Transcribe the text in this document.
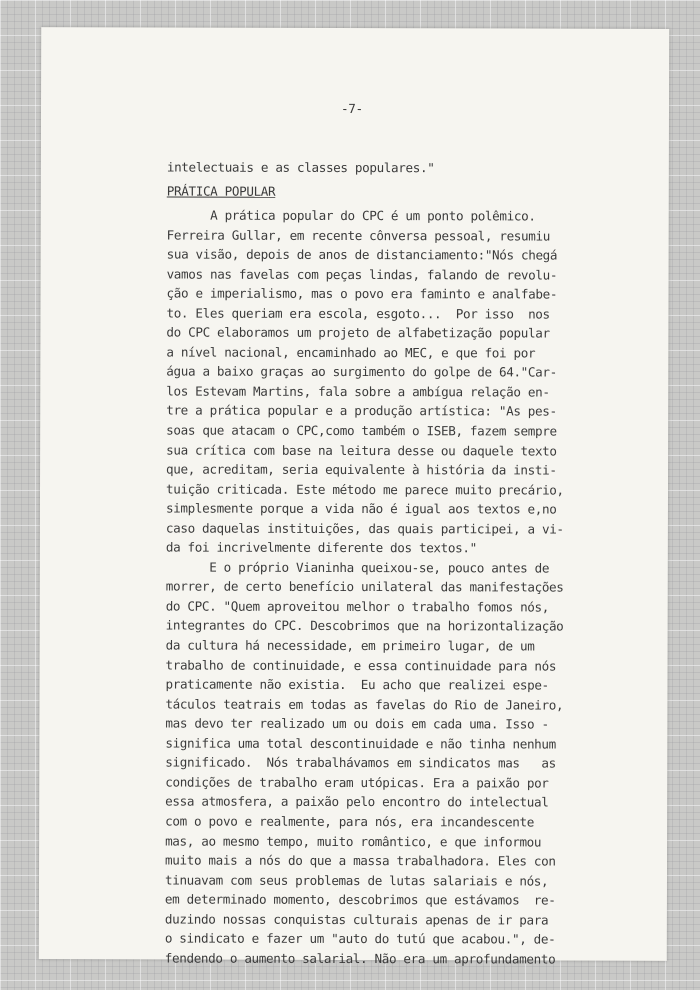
-7-
intelectuais e as classes populares."
PRÁTICA POPULAR
A prática popular do CPC é um ponto polêmico.
Ferreira Gullar, em recente cônversa pessoal, resumiu
sua visão, depois de anos de distanciamento:"Nós chegá
vamos nas favelas com peças lindas, falando de revolu-
ção e imperialismo, mas o povo era faminto e analfabe-
to. Eles queriam era escola, esgoto...  Por isso  nos
do CPC elaboramos um projeto de alfabetização popular
a nível nacional, encaminhado ao MEC, e que foi por
água a baixo graças ao surgimento do golpe de 64."Car-
los Estevam Martins, fala sobre a ambígua relação en-
tre a prática popular e a produção artística: "As pes-
soas que atacam o CPC,como também o ISEB, fazem sempre
sua crítica com base na leitura desse ou daquele texto
que, acreditam, seria equivalente à história da insti-
tuição criticada. Este método me parece muito precário,
simplesmente porque a vida não é igual aos textos e,no
caso daquelas instituições, das quais participei, a vi-
da foi incrivelmente diferente dos textos."
E o próprio Vianinha queixou-se, pouco antes de
morrer, de certo benefício unilateral das manifestações
do CPC. "Quem aproveitou melhor o trabalho fomos nós,
integrantes do CPC. Descobrimos que na horizontalização
da cultura há necessidade, em primeiro lugar, de um
trabalho de continuidade, e essa continuidade para nós
praticamente não existia.  Eu acho que realizei espe-
táculos teatrais em todas as favelas do Rio de Janeiro,
mas devo ter realizado um ou dois em cada uma. Isso -
significa uma total descontinuidade e não tinha nenhum
significado.  Nós trabalhávamos em sindicatos mas   as
condições de trabalho eram utópicas. Era a paixão por
essa atmosfera, a paixão pelo encontro do intelectual
com o povo e realmente, para nós, era incandescente
mas, ao mesmo tempo, muito romântico, e que informou
muito mais a nós do que a massa trabalhadora. Eles con
tinuavam com seus problemas de lutas salariais e nós,
em determinado momento, descobrimos que estávamos  re-
duzindo nossas conquistas culturais apenas de ir para
o sindicato e fazer um "auto do tutú que acabou.", de-
fendendo o aumento salarial. Não era um aprofundamento
